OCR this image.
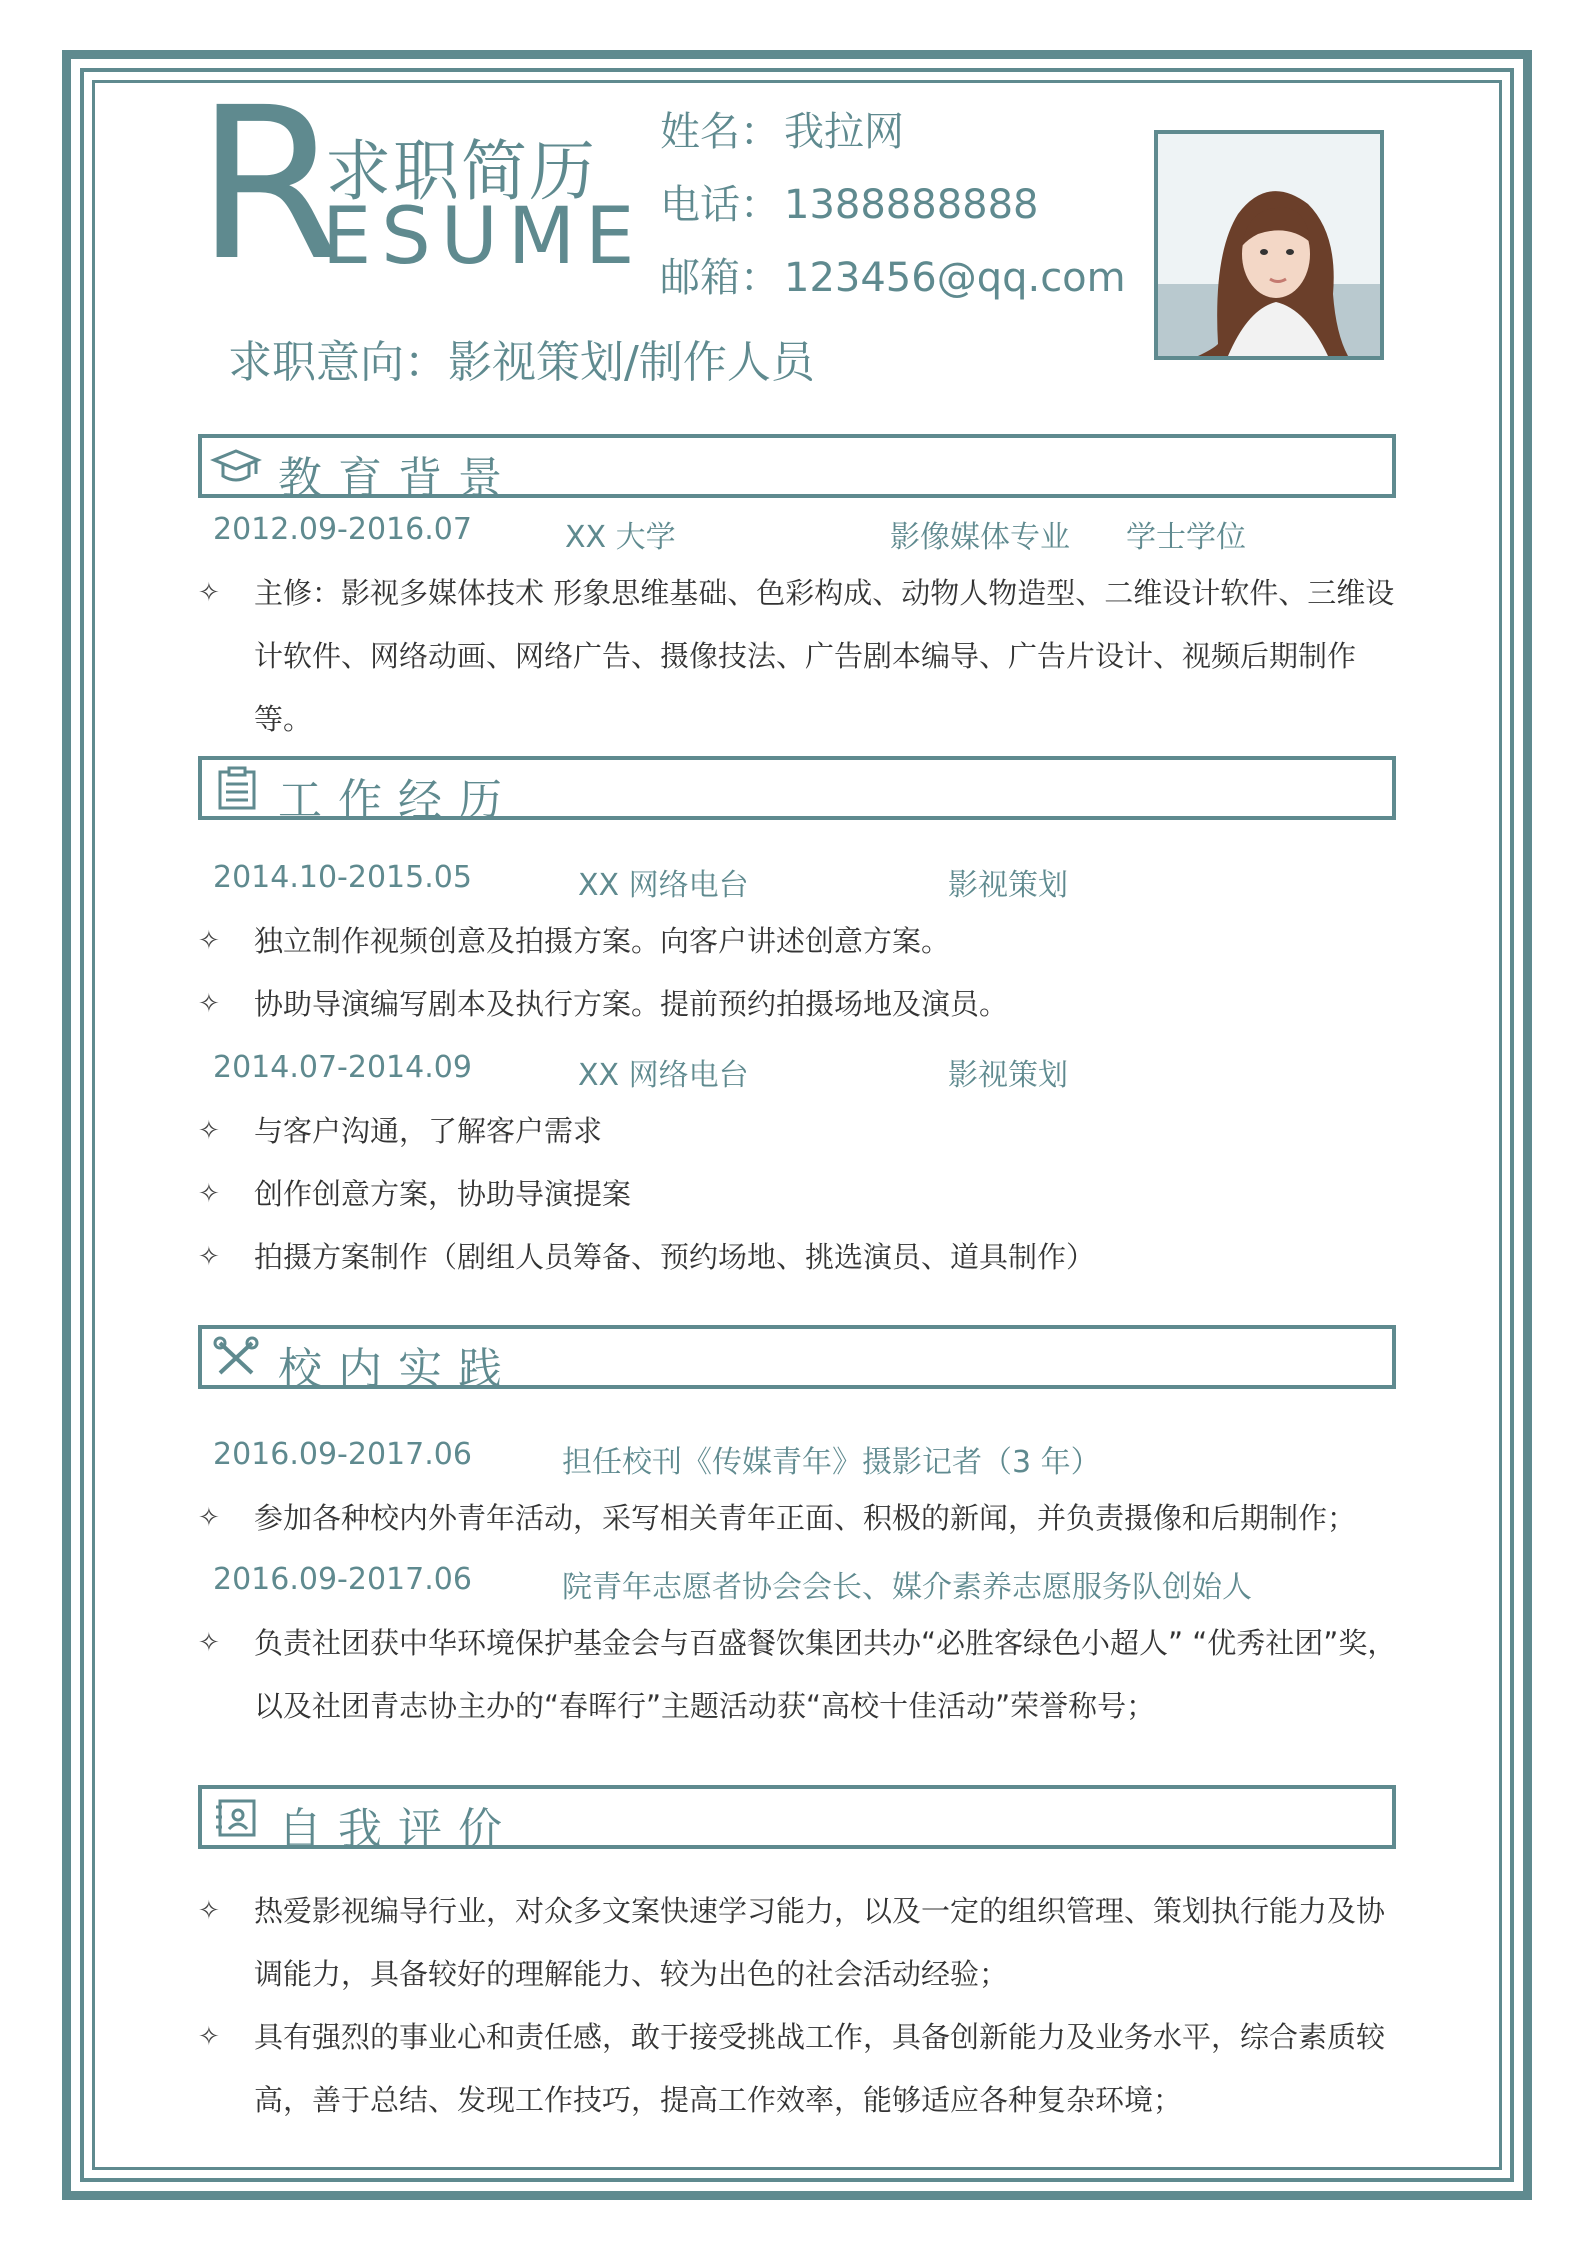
R
求职简历
ESUME
姓名： 我拉网
电话： 1388888888
邮箱： 123456@qq.com
求职意向：影视策划/制作人员
教育背景
2012.09-2016.07	XX 大学	影像媒体专业 学士学位
✧	主修：影视多媒体技术 形象思维基础、色彩构成、动物人物造型、二维设计软件、三维设计软件、网络动画、网络广告、摄像技法、广告剧本编导、广告片设计、视频后期制作等。
工作经历
2014.10-2015.05	XX 网络电台	影视策划
✧	独立制作视频创意及拍摄方案。向客户讲述创意方案。
✧	协助导演编写剧本及执行方案。提前预约拍摄场地及演员。
2014.07-2014.09	XX 网络电台	影视策划
✧	与客户沟通，了解客户需求
✧	创作创意方案，协助导演提案
✧	拍摄方案制作（剧组人员筹备、预约场地、挑选演员、道具制作）
校内实践
2016.09-2017.06	担任校刊《传媒青年》摄影记者（3 年）
✧	参加各种校内外青年活动，采写相关青年正面、积极的新闻，并负责摄像和后期制作；
2016.09-2017.06	院青年志愿者协会会长、媒介素养志愿服务队创始人
✧	负责社团获中华环境保护基金会与百盛餐饮集团共办“必胜客绿色小超人” “优秀社团”奖，以及社团青志协主办的“春晖行”主题活动获“高校十佳活动”荣誉称号；
自我评价
✧	热爱影视编导行业，对众多文案快速学习能力，以及一定的组织管理、策划执行能力及协调能力，具备较好的理解能力、较为出色的社会活动经验；
✧	具有强烈的事业心和责任感，敢于接受挑战工作，具备创新能力及业务水平，综合素质较高，善于总结、发现工作技巧，提高工作效率，能够适应各种复杂环境；
